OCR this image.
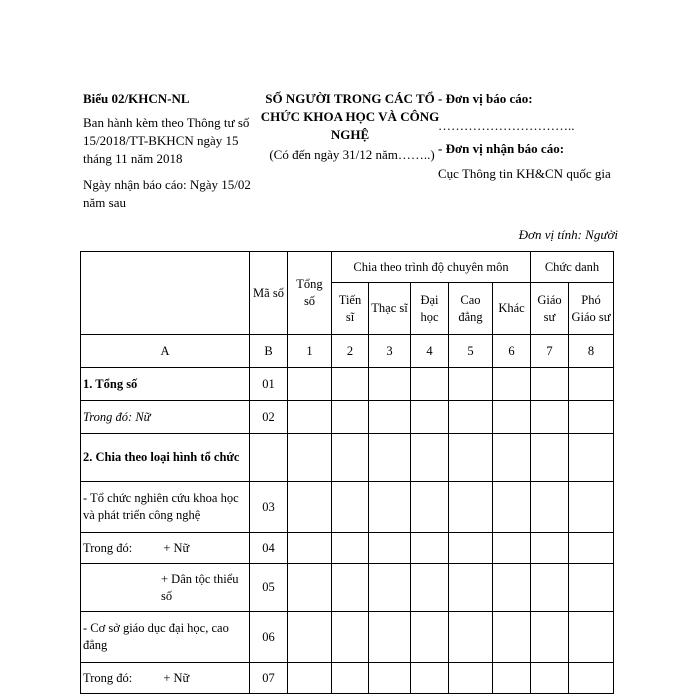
Biểu 02/KHCN-NL
Ban hành kèm theo Thông tư số 15/2018/TT-BKHCN ngày 15 tháng 11 năm 2018
Ngày nhận báo cáo: Ngày 15/02 năm sau
SỐ NGƯỜI TRONG CÁC TỔ CHỨC KHOA HỌC VÀ CÔNG NGHỆ
(Có đến ngày 31/12 năm……..)
- Đơn vị báo cáo:
…………………………..
- Đơn vị nhận báo cáo:
Cục Thông tin KH&CN quốc gia
Đơn vị tính: Người
	Mã số	Tổng số	Chia theo trình độ chuyên môn					Chức danh	
			Tiến sĩ	Thạc sĩ	Đại học	Cao đẳng	Khác	Giáo sư	Phó Giáo sư
A	B	1	2	3	4	5	6	7	8
1. Tổng số	01								
Trong đó: Nữ	02								
2. Chia theo loại hình tổ chức									
- Tổ chức nghiên cứu khoa học và phát triển công nghệ	03								
Trong đó: + Nữ	04								
+ Dân tộc thiểu số	05								
- Cơ sở giáo dục đại học, cao đẳng	06								
Trong đó: + Nữ	07								
